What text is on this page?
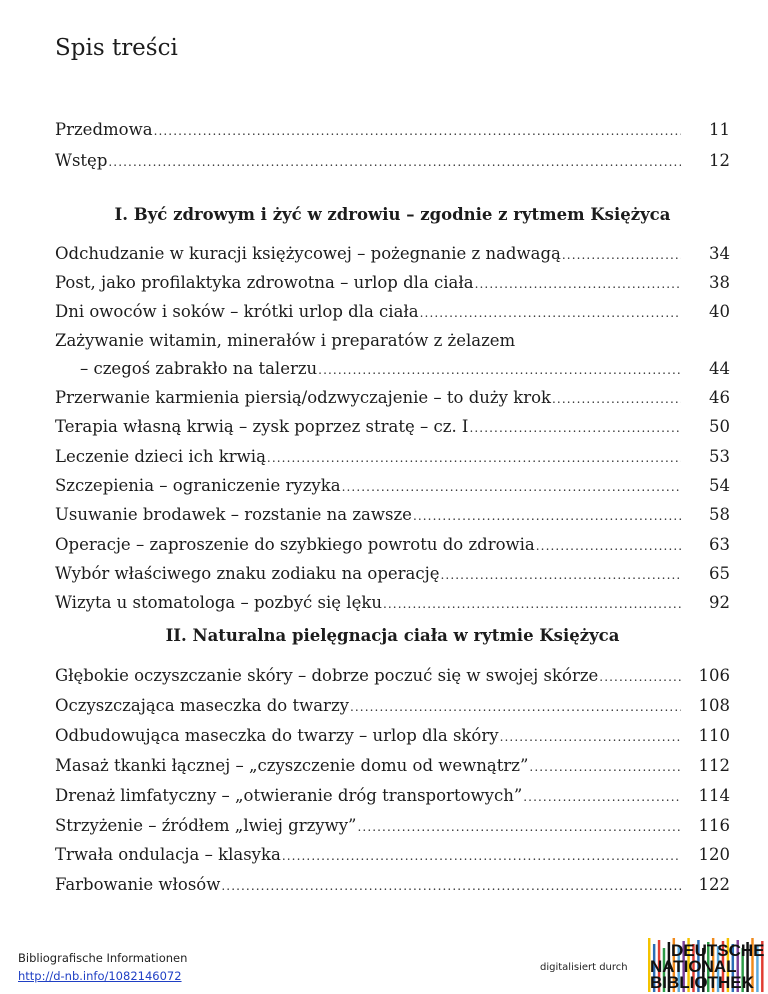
Spis treści
Przedmowa .....	11
Wstęp .....	12
I. Być zdrowym i żyć w zdrowiu – zgodnie z rytmem Księżyca
Odchudzanie w kuracji księżycowej – pożegnanie z nadwagą .....	34
Post, jako profilaktyka zdrowotna – urlop dla ciała .....	38
Dni owoców i soków – krótki urlop dla ciała .....	40
Zażywanie witamin, minerałów i preparatów z żelazem
– czegoś zabrakło na talerzu .....	44
Przerwanie karmienia piersią/odzwyczajenie – to duży krok .....	46
Terapia własną krwią – zysk poprzez stratę – cz. I .....	50
Leczenie dzieci ich krwią .....	53
Szczepienia – ograniczenie ryzyka .....	54
Usuwanie brodawek – rozstanie na zawsze .....	58
Operacje – zaproszenie do szybkiego powrotu do zdrowia .....	63
Wybór właściwego znaku zodiaku na operację .....	65
Wizyta u stomatologa – pozbyć się lęku .....	92
II. Naturalna pielęgnacja ciała w rytmie Księżyca
Głębokie oczyszczanie skóry – dobrze poczuć się w swojej skórze .....	106
Oczyszczająca maseczka do twarzy .....	108
Odbudowująca maseczka do twarzy – urlop dla skóry .....	110
Masaż tkanki łącznej – „czyszczenie domu od wewnątrz” .....	112
Drenaż limfatyczny – „otwieranie dróg transportowych” .....	114
Strzyżenie – źródłem „lwiej grzywy” .....	116
Trwała ondulacja – klasyka .....	120
Farbowanie włosów .....	122
Bibliografische Informationen
http://d-nb.info/1082146072
digitalisiert durch
DEUTSCHE
NATIONAL
BIBLIOTHEK
